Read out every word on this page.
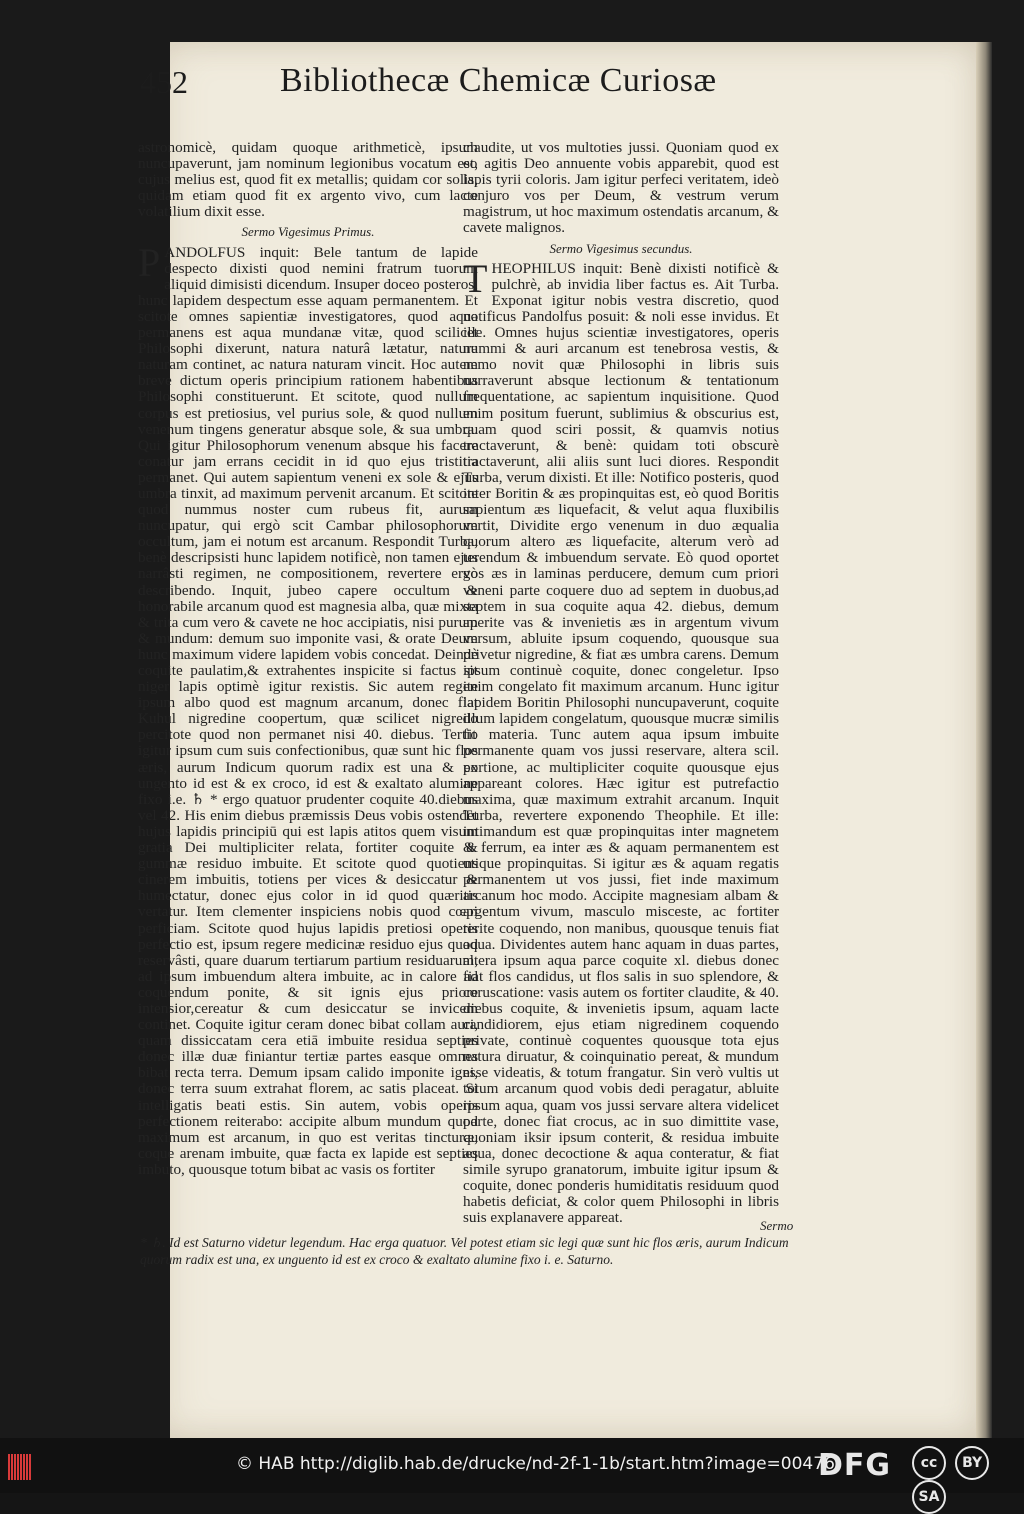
452	Bibliothecæ Chemicæ Curiosæ

astronomicè, quidam quoque arithmeticè, ipsum nuncupaverunt, jam nominum legionibus vocatum est, cujus melius est, quod fit ex metallis; quidam cor solis, quidam etiam quod fit ex argento vivo, cum lacte volatilium dixit esse.

Sermo Vigesimus Primus.

PANDOLFUS inquit: Bele tantum de lapide despecto dixisti quod nemini fratrum tuorum aliquid dimisisti dicendum. Insuper doceo posteros, hunc lapidem despectum esse aquam permanentem. Et scitote omnes sapientiæ investigatores, quod aqua permanens est aqua mundanæ vitæ, quod scilicet Philosophi dixerunt, natura naturâ lætatur, natura naturam continet, ac natura naturam vincit. Hoc autem breve dictum operis principium rationem habentibus Philosophi constituerunt. Et scitote, quod nullum corpus est pretiosius, vel purius sole, & quod nullum venenum tingens generatur absque sole, & sua umbra. Qui igitur Philosophorum venenum absque his facere conatur jam errans cecidit in id quo ejus tristitia permanet. Qui autem sapientum veneni ex sole & ejus umbra tinxit, ad maximum pervenit arcanum. Et scitote quod nummus noster cum rubeus fit, aurum nuncupatur, qui ergò scit Cambar philosophorum occultum, jam ei notum est arcanum. Respondit Turba, benè descripsisti hunc lapidem notificè, non tamen ejus narrâsti regimen, ne compositionem, revertere ergò describendo. Inquit, jubeo capere occultum & honorabile arcanum quod est magnesia alba, quæ mixta & trita cum vero & cavete ne hoc accipiatis, nisi purum & mundum: demum suo imponite vasi, & orate Deum hunc maximum videre lapidem vobis concedat. Deindè coquite paulatim,& extrahentes inspicite si factus sit niger lapis optimè igitur rexistis. Sic autem regite ipsum albo quod est magnum arcanum, donec fiat Kuhul nigredine coopertum, quæ scilicet nigredo percitote quod non permanet nisi 40. diebus. Tertio igitur ipsum cum suis confectionibus, quæ sunt hic flos æris, aurum Indicum quorum radix est una & ex ungento id est & ex croco, id est & exaltato alumine fixo i.e. ♄ * ergo quatuor prudenter coquite 40.diebus vel 42. His enim diebus præmissis Deus vobis ostendet hujus lapidis principiū qui est lapis atitos quem visum gratia Dei multipliciter relata, fortiter coquite & gummæ residuo imbuite. Et scitote quod quotiens cinerem imbuitis, totiens per vices & desiccatur & humectatur, donec ejus color in id quod quæritis vertatur. Item clementer inspiciens nobis quod cœpi perficiam. Scitote quod hujus lapidis pretiosi operis perfectio est, ipsum regere medicinæ residuo ejus quod reservâsti, quare duarum tertiarum partium residuarum, ad ipsum imbuendum altera imbuite, ac in calore ad coquendum ponite, & sit ignis ejus priore intensior,cereatur & cum desiccatur se invicem continet. Coquite igitur ceram donec bibat collam auri, quam dissiccatam cera etiā imbuite residua septies donec illæ duæ finiantur tertiæ partes easque omnes bibat recta terra. Demum ipsam calido imponite igni, donec terra suum extrahat florem, ac satis placeat. Si intelligatis beati estis. Sin autem, vobis operis perfectionem reiterabo: accipite album mundum quod maximum est arcanum, in quo est veritas tincturæ, coque arenam imbuite, quæ facta ex lapide est septies imbuto, quousque totum bibat ac vasis os fortiter

claudite, ut vos multoties jussi. Quoniam quod ex eo agitis Deo annuente vobis apparebit, quod est lapis tyrii coloris. Jam igitur perfeci veritatem, ideò conjuro vos per Deum, & vestrum verum magistrum, ut hoc maximum ostendatis arcanum, & cavete malignos.

Sermo Vigesimus secundus.

THEOPHILUS inquit: Benè dixisti notificè & pulchrè, ab invidia liber factus es. Ait Turba. Exponat igitur nobis vestra discretio, quod notificus Pandolfus posuit: & noli esse invidus. Et ille. Omnes hujus scientiæ investigatores, operis nummi & auri arcanum est tenebrosa vestis, & nemo novit quæ Philosophi in libris suis narraverunt absque lectionum & tentationum frequentatione, ac sapientum inquisitione. Quod enim positum fuerunt, sublimius & obscurius est, quam quod sciri possit, & quamvis notius tractaverunt, & benè: quidam toti obscurè tractaverunt, alii aliis sunt luci diores. Respondit Turba, verum dixisti. Et ille: Notifico posteris, quod inter Boritin & æs propinquitas est, eò quod Boritis sapientum æs liquefacit, & velut aqua fluxibilis vertit, Dividite ergo venenum in duo æqualia quorum altero æs liquefacite, alterum verò ad terendum & imbuendum servate. Eò quod oportet vos æs in laminas perducere, demum cum priori veneni parte coquere duo ad septem in duobus,ad septem in sua coquite aqua 42. diebus, demum aperite vas & invenietis æs in argentum vivum versum, abluite ipsum coquendo, quousque sua privetur nigredine, & fiat æs umbra carens. Demum ipsum continuè coquite, donec congeletur. Ipso enim congelato fit maximum arcanum. Hunc igitur lapidem Boritin Philosophi nuncupaverunt, coquite illum lapidem congelatum, quousque mucræ similis fit materia. Tunc autem aqua ipsum imbuite permanente quam vos jussi reservare, altera scil. portione, ac multipliciter coquite quousque ejus appareant colores. Hæc igitur est putrefactio maxima, quæ maximum extrahit arcanum. Inquit Turba, revertere exponendo Theophile. Et ille: intimandum est quæ propinquitas inter magnetem & ferrum, ea inter æs & aquam permanentem est utique propinquitas. Si igitur æs & aquam regatis permanentem ut vos jussi, fiet inde maximum arcanum hoc modo. Accipite magnesiam albam & argentum vivum, masculo misceste, ac fortiter terite coquendo, non manibus, quousque tenuis fiat aqua. Dividentes autem hanc aquam in duas partes, altera ipsum aqua parce coquite xl. diebus donec fiat flos candidus, ut flos salis in suo splendore, & coruscatione: vasis autem os fortiter claudite, & 40. diebus coquite, & invenietis ipsum, aquam lacte candidiorem, ejus etiam nigredinem coquendo private, continuè coquentes quousque tota ejus natura diruatur, & coinquinatio pereat, & mundum esse videatis, & totum frangatur. Sin verò vultis ut totum arcanum quod vobis dedi peragatur, abluite ipsum aqua, quam vos jussi servare altera videlicet parte, donec fiat crocus, ac in suo dimittite vase, quoniam iksir ipsum conterit, & residua imbuite aqua, donec decoctione & aqua conteratur, & fiat simile syrupo granatorum, imbuite igitur ipsum & coquite, donec ponderis humiditatis residuum quod habetis deficiat, & color quem Philosophi in libris suis explanavere appareat.	Sermo
* ♄. Id est Saturno videtur legendum. Hac erga quatuor. Vel potest etiam sic legi quæ sunt hic flos æris, aurum Indicum quorum radix est una, ex unguento id est ex croco & exaltato alumine fixo i. e. Saturno.
© HAB http://diglib.hab.de/drucke/nd-2f-1-1b/start.htm?image=00476
DFG	cc BY SA
